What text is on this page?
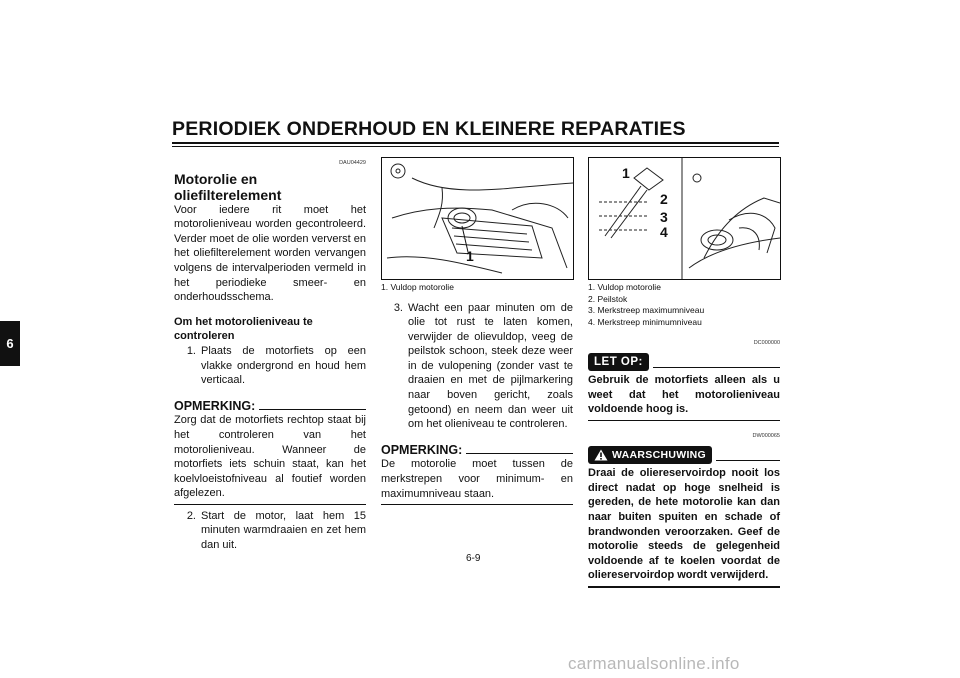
PERIODIEK ONDERHOUD EN KLEINERE REPARATIES
6
DAU04429
Motorolie en oliefilterelement
Voor iedere rit moet het motorolieniveau worden gecontroleerd. Verder moet de olie worden ververst en het oliefilterelement worden vervangen volgens de intervalperioden vermeld in het periodieke smeer- en onderhoudsschema.
Om het motorolieniveau te controleren
1. Plaats de motorfiets op een vlakke ondergrond en houd hem verticaal.
OPMERKING:
Zorg dat de motorfiets rechtop staat bij het controleren van het motorolieniveau. Wanneer de motorfiets iets schuin staat, kan het koelvloeistofniveau al foutief worden afgelezen.
2. Start de motor, laat hem 15 minuten warmdraaien en zet hem dan uit.
1
1. Vuldop motorolie
3. Wacht een paar minuten om de olie tot rust te laten komen, verwijder de olievuldop, veeg de peilstok schoon, steek deze weer in de vulopening (zonder vast te draaien en met de pijlmarkering naar boven gericht, zoals getoond) en neem dan weer uit om het olieniveau te controleren.
OPMERKING:
De motorolie moet tussen de merkstrepen voor minimum- en maximumniveau staan.
1
2
3
4
1. Vuldop motorolie
2. Peilstok
3. Merkstreep maximumniveau
4. Merkstreep minimumniveau
DC000000
LET OP:
Gebruik de motorfiets alleen als u weet dat het motorolieniveau voldoende hoog is.
DW000065
WAARSCHUWING
Draai de oliereservoirdop nooit los direct nadat op hoge snelheid is gereden, de hete motorolie kan dan naar buiten spuiten en schade of brandwonden veroorzaken. Geef de motorolie steeds de gelegenheid voldoende af te koelen voordat de oliereservoirdop wordt verwijderd.
6-9
carmanualsonline.info
